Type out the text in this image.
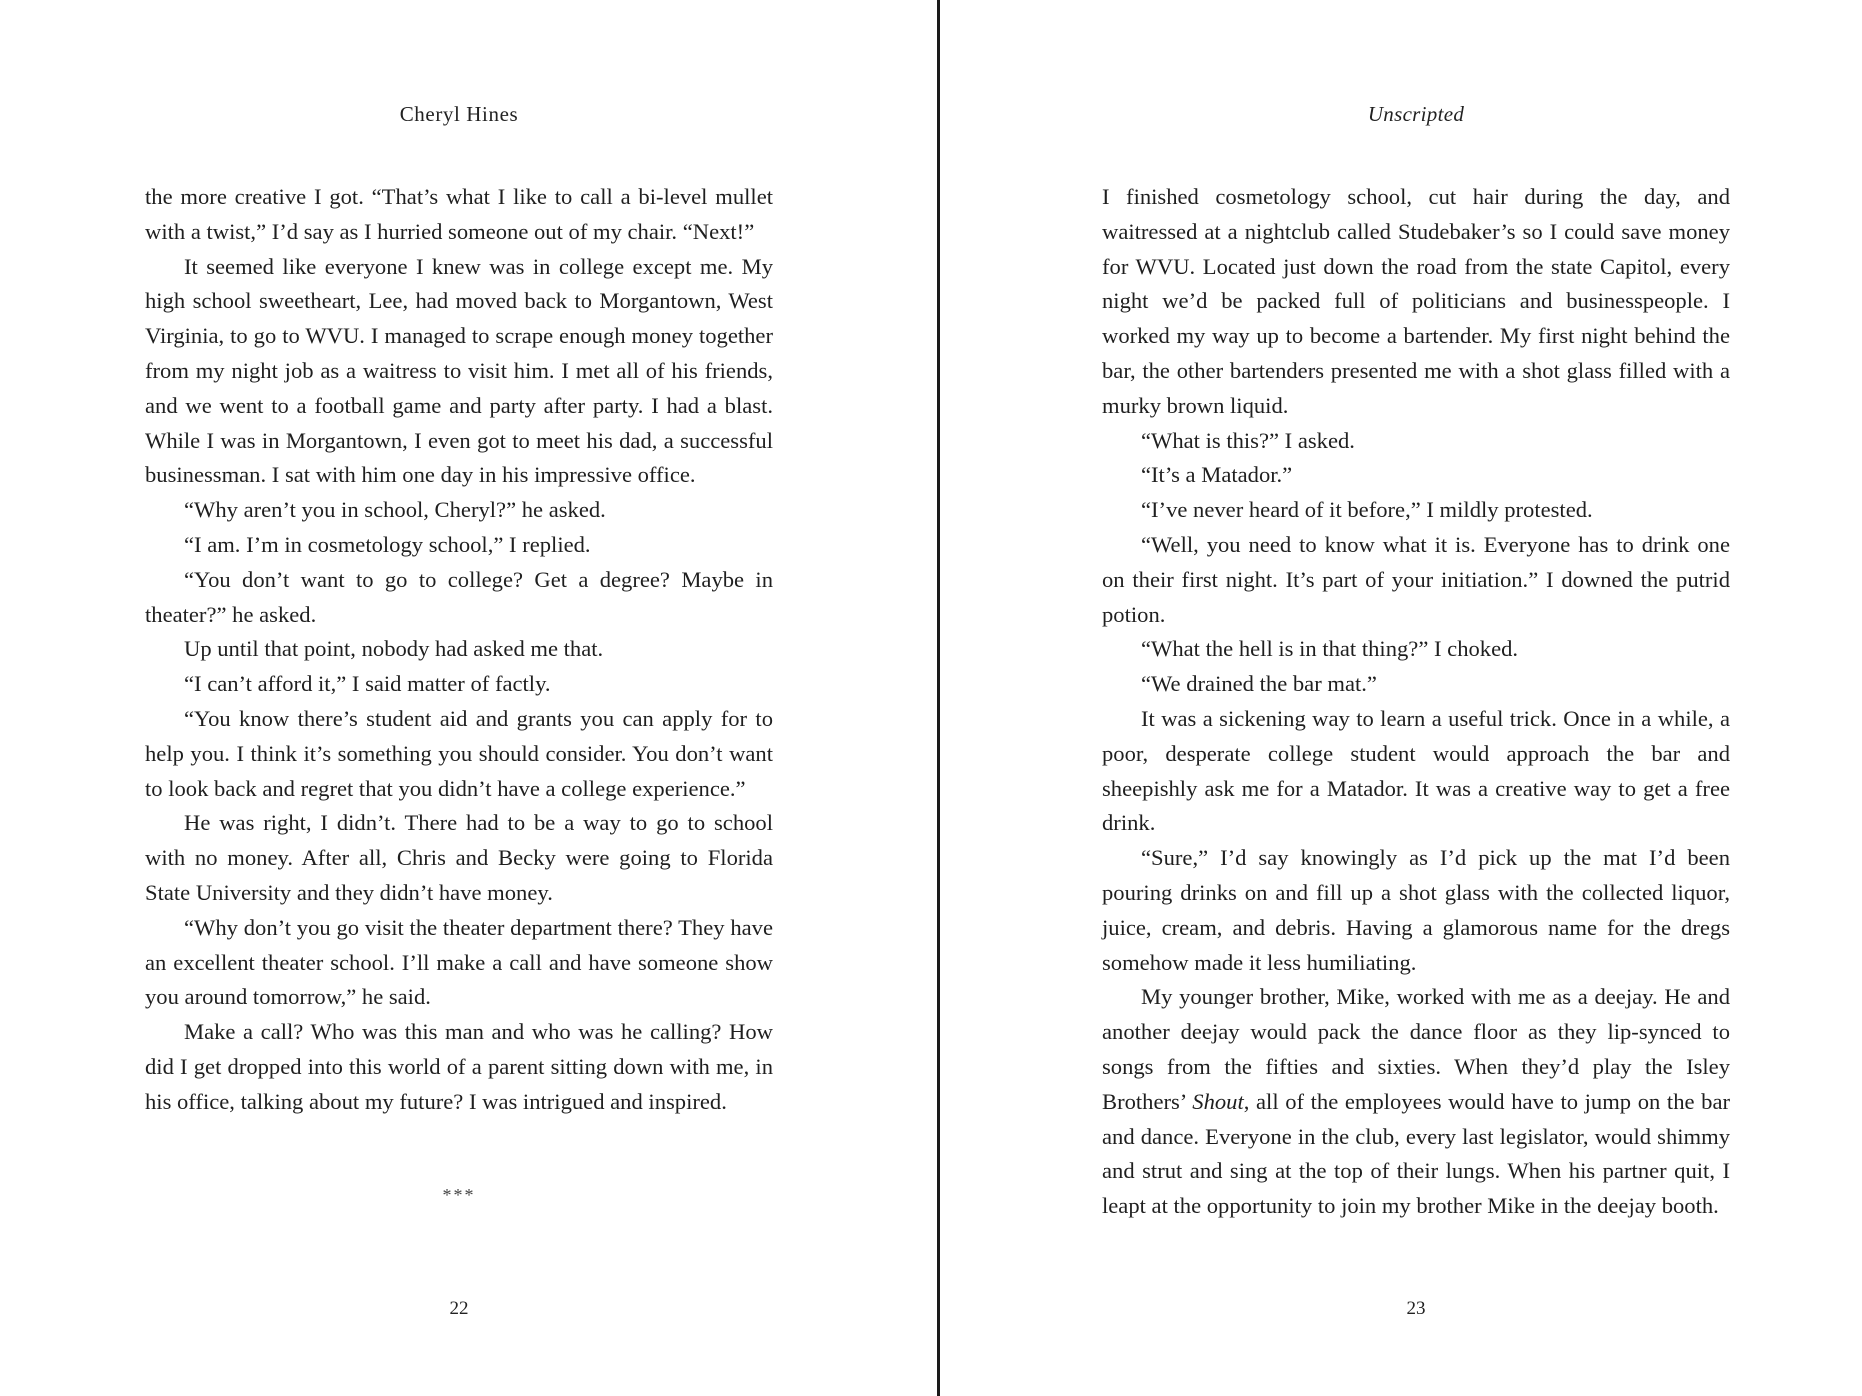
Cheryl Hines

the more creative I got. “That’s what I like to call a bi-level mullet with a twist,” I’d say as I hurried someone out of my chair. “Next!”

It seemed like everyone I knew was in college except me. My high school sweetheart, Lee, had moved back to Morgantown, West Virginia, to go to WVU. I managed to scrape enough money together from my night job as a waitress to visit him. I met all of his friends, and we went to a football game and party after party. I had a blast. While I was in Morgantown, I even got to meet his dad, a successful businessman. I sat with him one day in his impressive office.

“Why aren’t you in school, Cheryl?” he asked.

“I am. I’m in cosmetology school,” I replied.

“You don’t want to go to college? Get a degree? Maybe in theater?” he asked.

Up until that point, nobody had asked me that.

“I can’t afford it,” I said matter of factly.

“You know there’s student aid and grants you can apply for to help you. I think it’s something you should consider. You don’t want to look back and regret that you didn’t have a college experience.”

He was right, I didn’t. There had to be a way to go to school with no money. After all, Chris and Becky were going to Florida State University and they didn’t have money.

“Why don’t you go visit the theater department there? They have an excellent theater school. I’ll make a call and have someone show you around tomorrow,” he said.

Make a call? Who was this man and who was he calling? How did I get dropped into this world of a parent sitting down with me, in his office, talking about my future? I was intrigued and inspired.

***
22
Unscripted

I finished cosmetology school, cut hair during the day, and waitressed at a nightclub called Studebaker’s so I could save money for WVU. Located just down the road from the state Capitol, every night we’d be packed full of politicians and businesspeople. I worked my way up to become a bartender. My first night behind the bar, the other bartenders presented me with a shot glass filled with a murky brown liquid.

“What is this?” I asked.

“It’s a Matador.”

“I’ve never heard of it before,” I mildly protested.

“Well, you need to know what it is. Everyone has to drink one on their first night. It’s part of your initiation.” I downed the putrid potion.

“What the hell is in that thing?” I choked.

“We drained the bar mat.”

It was a sickening way to learn a useful trick. Once in a while, a poor, desperate college student would approach the bar and sheepishly ask me for a Matador. It was a creative way to get a free drink.

“Sure,” I’d say knowingly as I’d pick up the mat I’d been pouring drinks on and fill up a shot glass with the collected liquor, juice, cream, and debris. Having a glamorous name for the dregs somehow made it less humiliating.

My younger brother, Mike, worked with me as a deejay. He and another deejay would pack the dance floor as they lip-synced to songs from the fifties and sixties. When they’d play the Isley Brothers’ Shout, all of the employees would have to jump on the bar and dance. Everyone in the club, every last legislator, would shimmy and strut and sing at the top of their lungs. When his partner quit, I leapt at the opportunity to join my brother Mike in the deejay booth.

23
